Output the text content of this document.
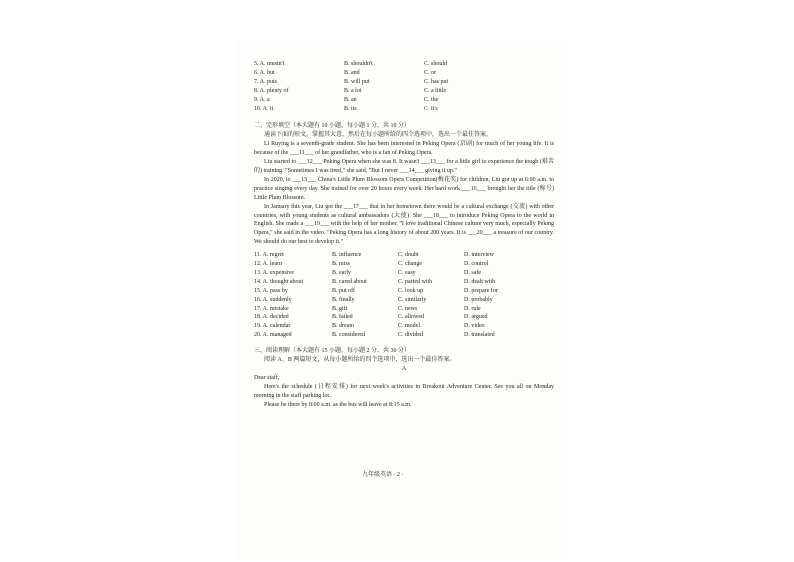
5. A. mustn't	B. shouldn't	C. should
6. A. but	B. and	C. or
7. A. puts	B. will put	C. has put
8. A. plenty of	B. a lot	C. a little
9. A. a	B. an	C. the
10. A. it	B. its	C. it's
二、完形填空（本大题有 10 小题，每小题 1 分，共 10 分）
通读下面的短文，掌握其大意，然后在每小题所给的四个选项中，选出一个最佳答案。
Li Ruying is a seventh-grade student. She has been interested in Peking Opera (京剧) for much of her young life. It is because of the ___11___ of her grandfather, who is a fan of Peking Opera.
Liu started to ___12___ Peking Opera when she was 8. It wasn't ___13___ for a little girl to experience the tough (艰苦的) training. "Sometimes I was tired," she said. "But I never ___14___ giving it up."
In 2020, to ___15___ China's Little Plum Blossom Opera Competition(梅花奖) for children, Liu got up at 6:00 a.m. to practice singing every day. She trained for over 20 hours every week. Her hard work ___16___ brought her the title (称号) Little Plum Blossom.
In January this year, Liu got the ___17___ that in her hometown there would be a cultural exchange (交流) with other countries, with young students as cultural ambassadors (大使). She ___18___ to introduce Peking Opera to the world in English. She made a ___19___ with the help of her mother. "I love traditional Chinese culture very much, especially Peking Opera," she said in the video. "Peking Opera has a long history of about 200 years. It is ___20___ a treasure of our country. We should do our best to develop it."
11. A. regret	B. influence	C. doubt	D. interview
12. A. learn	B. miss	C. change	D. control
13. A. expensive	B. early	C. easy	D. safe
14. A. thought about	B. cared about	C. parted with	D. dealt with
15. A. pass by	B. put off	C. look up	D. prepare for
16. A. suddenly	B. finally	C. similarly	D. probably
17. A. mistake	B. gift	C. news	D. rule
18. A. decided	B. failed	C. allowed	D. argued
19. A. calendar	B. dream	C. model	D. video
20. A. managed	B. considered	C. divided	D. translated
三、阅读理解（本大题有 15 小题，每小题 2 分，共 30 分）
阅读 A、B 两篇短文，从每小题所给的四个选项中，选出一个最佳答案。
A
Dear staff,
Here's the schedule (日程安排) for next week's activities in Breakout Adventure Center. See you all on Monday morning in the staff parking lot.
Please be there by 8:00 a.m. as the bus will leave at 8:15 a.m.
九年级英语 · 2 ·
